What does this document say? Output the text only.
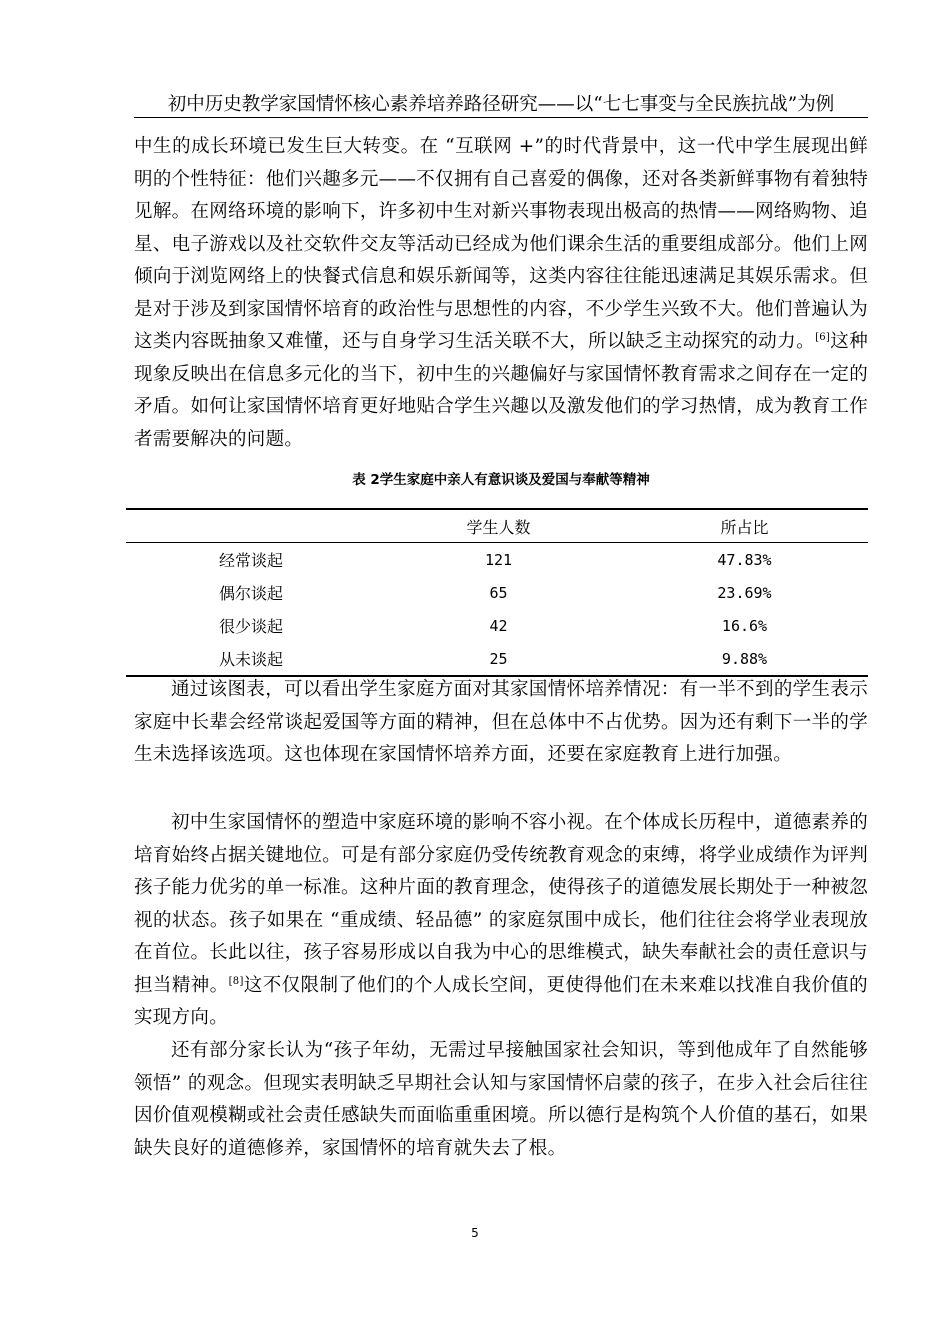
初中历史教学家国情怀核心素养培养路径研究——以“七七事变与全民族抗战”为例

中生的成长环境已发生巨大转变。在 “互联网 +”的时代背景中，这一代中学生展现出鲜明的个性特征：他们兴趣多元——不仅拥有自己喜爱的偶像，还对各类新鲜事物有着独特见解。在网络环境的影响下，许多初中生对新兴事物表现出极高的热情——网络购物、追星、电子游戏以及社交软件交友等活动已经成为他们课余生活的重要组成部分。他们上网倾向于浏览网络上的快餐式信息和娱乐新闻等，这类内容往往能迅速满足其娱乐需求。但是对于涉及到家国情怀培育的政治性与思想性的内容，不少学生兴致不大。他们普遍认为这类内容既抽象又难懂，还与自身学习生活关联不大，所以缺乏主动探究的动力。[6]这种现象反映出在信息多元化的当下，初中生的兴趣偏好与家国情怀教育需求之间存在一定的矛盾。如何让家国情怀培育更好地贴合学生兴趣以及激发他们的学习热情，成为教育工作者需要解决的问题。

表 2学生家庭中亲人有意识谈及爱国与奉献等精神
	学生人数	所占比
经常谈起	121	47.83%
偶尔谈起	65	23.69%
很少谈起	42	16.6%
从未谈起	25	9.88%

通过该图表，可以看出学生家庭方面对其家国情怀培养情况：有一半不到的学生表示家庭中长辈会经常谈起爱国等方面的精神，但在总体中不占优势。因为还有剩下一半的学生未选择该选项。这也体现在家国情怀培养方面，还要在家庭教育上进行加强。

初中生家国情怀的塑造中家庭环境的影响不容小视。在个体成长历程中，道德素养的培育始终占据关键地位。可是有部分家庭仍受传统教育观念的束缚，将学业成绩作为评判孩子能力优劣的单一标准。这种片面的教育理念，使得孩子的道德发展长期处于一种被忽视的状态。孩子如果在 “重成绩、轻品德” 的家庭氛围中成长，他们往往会将学业表现放在首位。长此以往，孩子容易形成以自我为中心的思维模式，缺失奉献社会的责任意识与担当精神。[8]这不仅限制了他们的个人成长空间，更使得他们在未来难以找准自我价值的实现方向。

还有部分家长认为“孩子年幼，无需过早接触国家社会知识，等到他成年了自然能够领悟” 的观念。但现实表明缺乏早期社会认知与家国情怀启蒙的孩子，在步入社会后往往因价值观模糊或社会责任感缺失而面临重重困境。所以德行是构筑个人价值的基石，如果缺失良好的道德修养，家国情怀的培育就失去了根。

5
